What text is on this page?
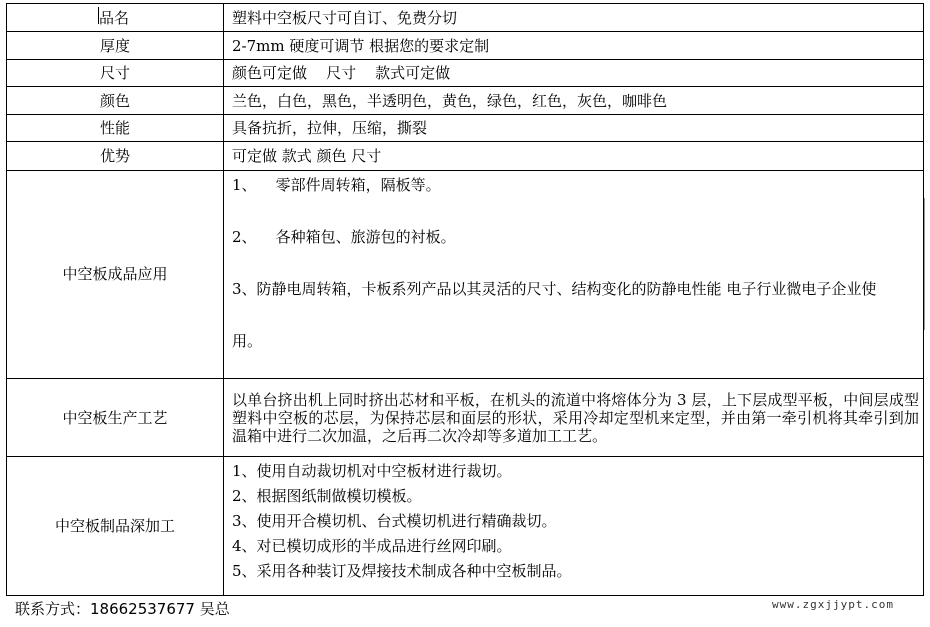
品名	塑料中空板尺寸可自订、免费分切
厚度	2-7mm 硬度可调节 根据您的要求定制
尺寸	颜色可定做    尺寸    款式可定做
颜色	兰色，白色，黑色，半透明色，黄色，绿色，红色，灰色，咖啡色
性能	具备抗折，拉伸，压缩，撕裂
优势	可定做 款式 颜色 尺寸
中空板成品应用	1、    零部件周转箱，隔板等。

2、    各种箱包、旅游包的衬板。

3、防静电周转箱，卡板系列产品以其灵活的尺寸、结构变化的防静电性能 电子行业微电子企业使

用。

中空板生产工艺	以单台挤出机上同时挤出芯材和平板，在机头的流道中将熔体分为 3 层，上下层成型平板，中间层成型塑料中空板的芯层，为保持芯层和面层的形状，采用冷却定型机来定型，并由第一牵引机将其牵引到加温箱中进行二次加温，之后再二次冷却等多道加工工艺。
中空板制品深加工	1、使用自动裁切机对中空板材进行裁切。

2、根据图纸制做模切模板。

3、使用开合模切机、台式模切机进行精确裁切。

4、对已模切成形的半成品进行丝网印刷。

5、采用各种装订及焊接技术制成各种中空板制品。

联系方式：18662537677 吴总	www.zgxjjypt.com
